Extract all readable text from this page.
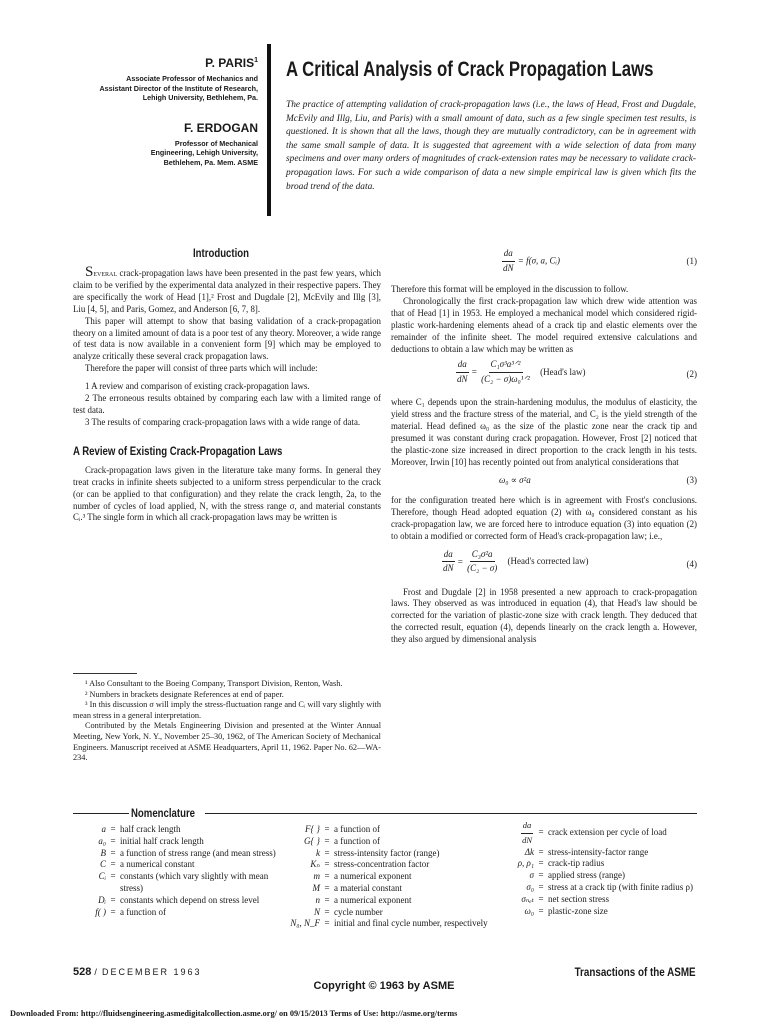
P. PARIS$^1$
Associate Professor of Mechanics and
Assistant Director of the Institute of Research,
Lehigh University, Bethlehem, Pa.
F. ERDOGAN
Professor of Mechanical
Engineering, Lehigh University,
Bethlehem, Pa. Mem. ASME
A Critical Analysis of Crack Propagation Laws
The practice of attempting validation of crack-propagation laws (i.e., the laws of Head, Frost and Dugdale, McEvily and Illg, Liu, and Paris) with a small amount of data, such as a few single specimen test results, is questioned. It is shown that all the laws, though they are mutually contradictory, can be in agreement with the same small sample of data. It is suggested that agreement with a wide selection of data from many specimens and over many orders of magnitudes of crack-extension rates may be necessary to validate crack-propagation laws. For such a wide comparison of data a new simple empirical law is given which fits the broad trend of the data.
Introduction

Several crack-propagation laws have been presented in the past few years, which claim to be verified by the experimental data analyzed in their respective papers. They are specifically the work of Head [1],² Frost and Dugdale [2], McEvily and Illg [3], Liu [4, 5], and Paris, Gomez, and Anderson [6, 7, 8].

This paper will attempt to show that basing validation of a crack-propagation theory on a limited amount of data is a poor test of any theory. Moreover, a wide range of test data is now available in a convenient form [9] which may be employed to analyze critically these several crack propagation laws.

Therefore the paper will consist of three parts which will include:

1 A review and comparison of existing crack-propagation laws.

2 The erroneous results obtained by comparing each law with a limited range of test data.

3 The results of comparing crack-propagation laws with a wide range of data.

A Review of Existing Crack-Propagation Laws

Crack-propagation laws given in the literature take many forms. In general they treat cracks in infinite sheets subjected to a uniform stress perpendicular to the crack (or can be applied to that configuration) and they relate the crack length, 2a, to the number of cycles of load applied, N, with the stress range σ, and material constants Cᵢ.³ The single form in which all crack-propagation laws may be written is

¹ Also Consultant to the Boeing Company, Transport Division, Renton, Wash.

² Numbers in brackets designate References at end of paper.

³ In this discussion σ will imply the stress-fluctuation range and Cᵢ will vary slightly with mean stress in a general interpretation.

Contributed by the Metals Engineering Division and presented at the Winter Annual Meeting, New York, N. Y., November 25–30, 1962, of The American Society of Mechanical Engineers. Manuscript received at ASME Headquarters, April 11, 1962. Paper No. 62—WA-234.

$\frac{da}{dN} = f(\sigma$, a, Cᵢ)	(1)

Therefore this format will be employed in the discussion to follow.

Chronologically the first crack-propagation law which drew wide attention was that of Head [1] in 1953. He employed a mechanical model which considered rigid-plastic work-hardening elements ahead of a crack tip and elastic elements over the remainder of the infinite sheet. The model required extensive calculations and deductions to obtain a law which may be written as

$\frac{da}{dN} = \frac{\text{C₁σ³a³ᐟ²}}{\text{(C₂ − σ)ω₀¹ᐟ²}}$ (Head's law)	(2)

where C₁ depends upon the strain-hardening modulus, the modulus of elasticity, the yield stress and the fracture stress of the material, and C₂ is the yield strength of the material. Head defined ω₀ as the size of the plastic zone near the crack tip and presumed it was constant during crack propagation. However, Frost [2] noticed that the plastic-zone size increased in direct proportion to the crack length in his tests. Moreover, Irwin [10] has recently pointed out from analytical considerations that

ω₀ ∝ σ²a	(3)

for the configuration treated here which is in agreement with Frost's conclusions. Therefore, though Head adopted equation (2) with ω₀ considered constant as his crack-propagation law, we are forced here to introduce equation (3) into equation (2) to obtain a modified or corrected form of Head's crack-propagation law; i.e.,

$\frac{da}{dN} = \frac{\text{C₃σ²a}}{\text{(C₂ − σ)}}$ (Head's corrected law)	(4)

Frost and Dugdale [2] in 1958 presented a new approach to crack-propagation laws. They observed as was introduced in equation (4), that Head's law should be corrected for the variation of plastic-zone size with crack length. They deduced that the corrected result, equation (4), depends linearly on the crack length a. However, they also argued by dimensional analysis

Nomenclature
a = half crack length
a₀ = initial half crack length
B = a function of stress range (and mean stress)
C = a numerical constant
Cᵢ = constants (which vary slightly with mean stress)
Dᵢ = constants which depend on stress level
f( ) = a function of
F{ } = a function of
G{ } = a function of
k = stress-intensity factor (range)
Kₙ = stress-concentration factor
m = a numerical exponent
M = a material constant
n = a numerical exponent
N = cycle number
N₀, N_F = initial and final cycle number, respectively
$\frac{da}{dN}$ = crack extension per cycle of load
Δk = stress-intensity-factor range
ρ, ρ₁ = crack-tip radius
σ = applied stress (range)
σ₀ = stress at a crack tip (with finite radius ρ)
σₙₑₜ = net section stress
ω₀ = plastic-zone size
528 / DECEMBER 1963	Transactions of the ASME
Copyright © 1963 by ASME
Downloaded From: http://fluidsengineering.asmedigitalcollection.asme.org/ on 09/15/2013 Terms of Use: http://asme.org/terms
